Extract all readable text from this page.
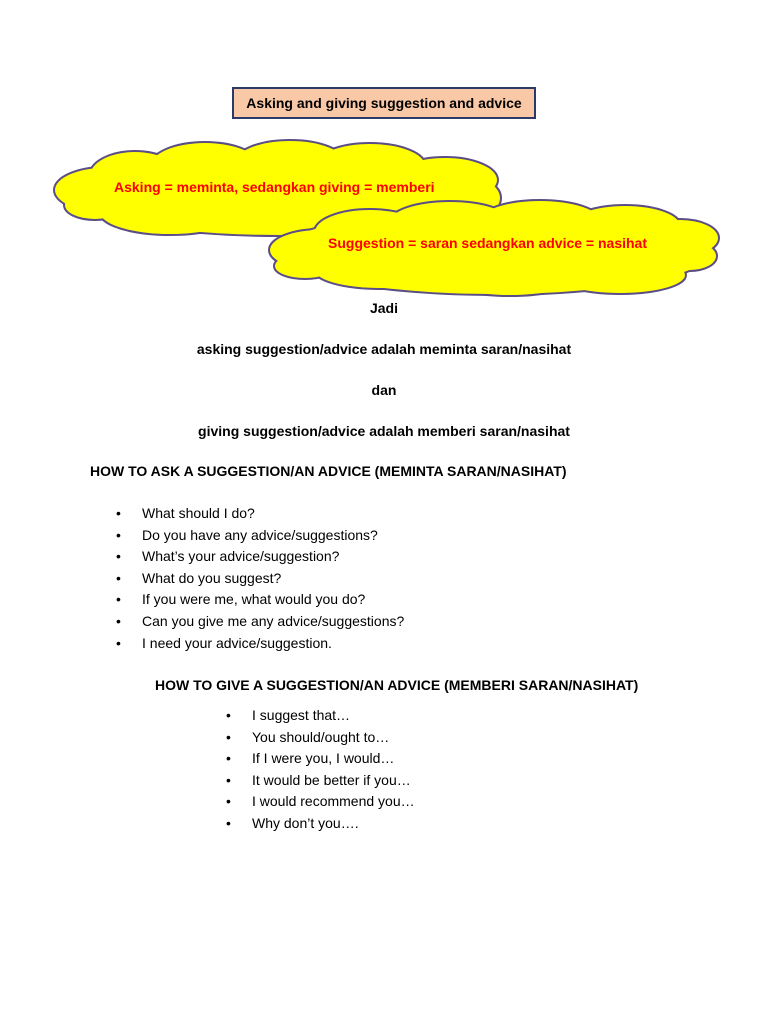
Asking and giving suggestion and advice
Asking = meminta, sedangkan giving = memberi
Suggestion = saran sedangkan advice = nasihat
Jadi
asking suggestion/advice adalah meminta saran/nasihat
dan
giving suggestion/advice adalah memberi saran/nasihat
HOW TO ASK A SUGGESTION/AN ADVICE (MEMINTA SARAN/NASIHAT)
• What should I do?
• Do you have any advice/suggestions?
• What’s your advice/suggestion?
• What do you suggest?
• If you were me, what would you do?
• Can you give me any advice/suggestions?
• I need your advice/suggestion.
HOW TO GIVE A SUGGESTION/AN ADVICE (MEMBERI SARAN/NASIHAT)
• I suggest that…
• You should/ought to…
• If I were you, I would…
• It would be better if you…
• I would recommend you…
• Why don’t you….
